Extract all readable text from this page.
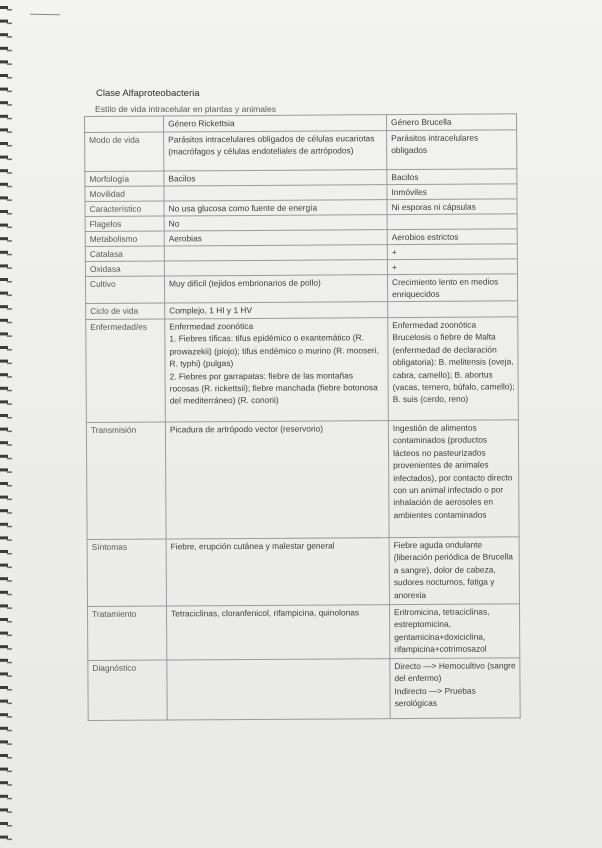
Clase Alfaproteobacteria
Estilo de vida intracelular en plantas y animales
	Género Rickettsia	Género Brucella
Modo de vida	Parásitos intracelulares obligados de células eucariotas (macrófagos y células endoteliales de artrópodos)	Parásitos intracelulares obligados
Morfología	Bacilos	Bacilos
Movilidad		Inmóviles
Característico	No usa glucosa como fuente de energía	Ni esporas ni cápsulas
Flagelos	No	
Metabolismo	Aerobias	Aerobios estrictos
Catalasa		+
Oxidasa		+
Cultivo	Muy difícil (tejidos embrionarios de pollo)	Crecimiento lento en medios enriquecidos
Ciclo de vida	Complejo, 1 HI y 1 HV	
Enfermedad/es	Enfermedad zoonótica
1. Fiebres tíficas: tifus epidémico o exantemático (R. prowazekii) (piojo); tifus endémico o murino (R. mooseri, R. typhi) (pulgas)
2. Fiebres por garrapatas: fiebre de las montañas rocosas (R. rickettsii); fiebre manchada (fiebre botonosa del mediterráneo) (R. conorii)	Enfermedad zoonótica
Brucelosis o fiebre de Malta (enfermedad de declaración obligatoria): B. melitensis (oveja, cabra, camello); B. abortus (vacas, ternero, búfalo, camello); B. suis (cerdo, reno)
Transmisión	Picadura de artrópodo vector (reservorio)	Ingestión de alimentos contaminados (productos lácteos no pasteurizados provenientes de animales infectados), por contacto directo con un animal infectado o por inhalación de aerosoles en ambientes contaminados
Síntomas	Fiebre, erupción cutánea y malestar general	Fiebre aguda ondulante (liberación periódica de Brucella a sangre), dolor de cabeza, sudores nocturnos, fatiga y anorexia
Tratamiento	Tetraciclinas, cloranfenicol, rifampicina, quinolonas	Eritromicina, tetraciclinas, estreptomicina, gentamicina+doxiciclina, rifampicina+cotrimosazol
Diagnóstico		Directo —> Hemocultivo (sangre del enfermo)
Indirecto —> Pruebas serológicas
